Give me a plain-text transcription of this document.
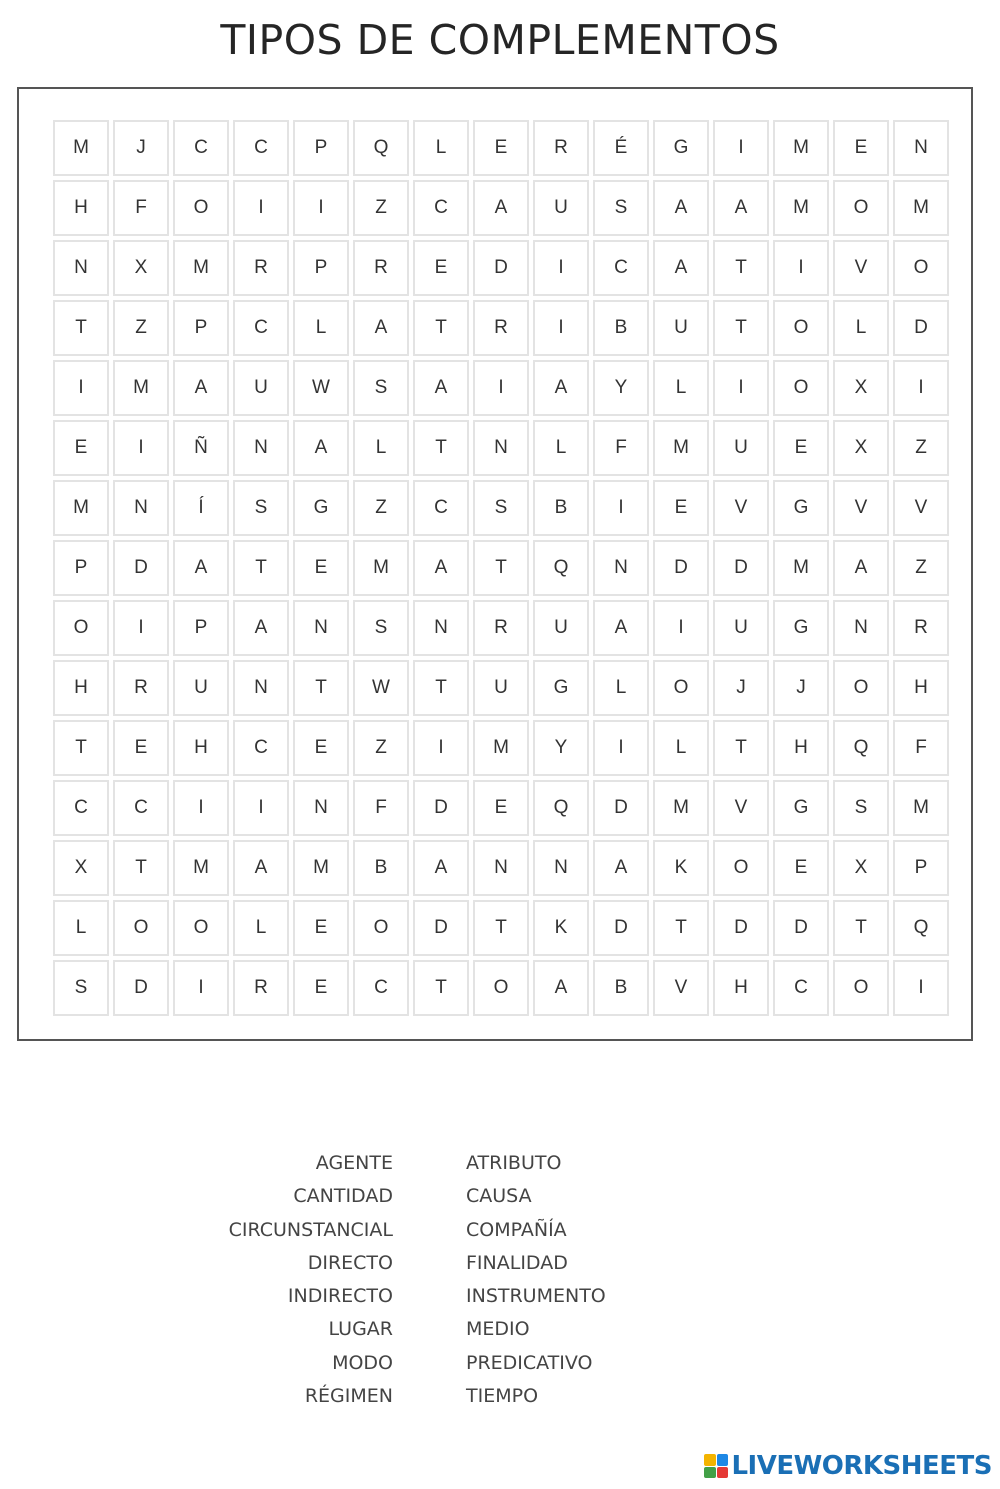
TIPOS DE COMPLEMENTOS
M	J	C	C	P	Q	L	E	R	É	G	I	M	E	N
H	F	O	I	I	Z	C	A	U	S	A	A	M	O	M
N	X	M	R	P	R	E	D	I	C	A	T	I	V	O
T	Z	P	C	L	A	T	R	I	B	U	T	O	L	D
I	M	A	U	W	S	A	I	A	Y	L	I	O	X	I
E	I	Ñ	N	A	L	T	N	L	F	M	U	E	X	Z
M	N	Í	S	G	Z	C	S	B	I	E	V	G	V	V
P	D	A	T	E	M	A	T	Q	N	D	D	M	A	Z
O	I	P	A	N	S	N	R	U	A	I	U	G	N	R
H	R	U	N	T	W	T	U	G	L	O	J	J	O	H
T	E	H	C	E	Z	I	M	Y	I	L	T	H	Q	F
C	C	I	I	N	F	D	E	Q	D	M	V	G	S	M
X	T	M	A	M	B	A	N	N	A	K	O	E	X	P
L	O	O	L	E	O	D	T	K	D	T	D	D	T	Q
S	D	I	R	E	C	T	O	A	B	V	H	C	O	I
AGENTE
CANTIDAD
CIRCUNSTANCIAL
DIRECTO
INDIRECTO
LUGAR
MODO
RÉGIMEN
ATRIBUTO
CAUSA
COMPAÑÍA
FINALIDAD
INSTRUMENTO
MEDIO
PREDICATIVO
TIEMPO
LIVEWORKSHEETS
